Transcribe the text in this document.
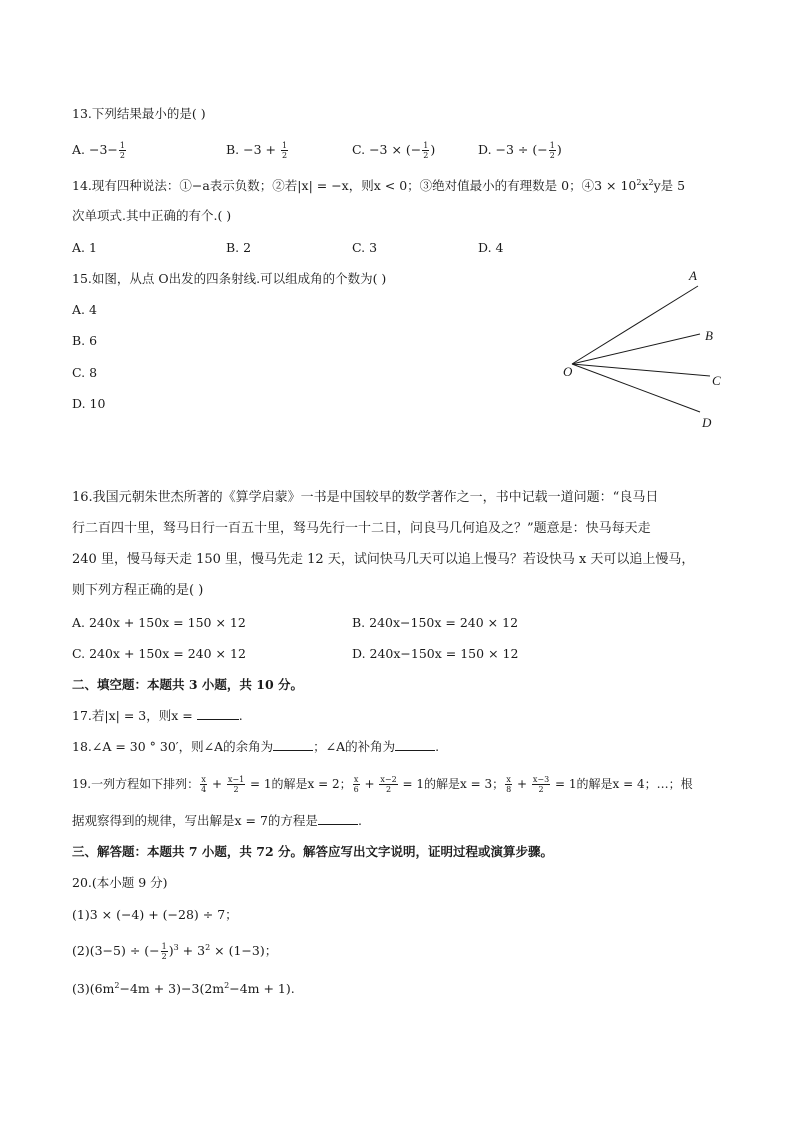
13.下列结果最小的是( )
A. $-3- \frac{1}{2}$	B. $-3 + \frac{1}{2}$	C. −3 × (− $\frac{1}{2}$ )	D. −3 ÷ (− $\frac{1}{2}$ )
14.现有四种说法：①−a表示负数；②若|x| = −x，则x < 0；③绝对值最小的有理数是 0；④3 × $10^2x^2y$是 5
次单项式.其中正确的有个.( )
A. 1	B. 2	C. 3	D. 4
15.如图，从点 O出发的四条射线.可以组成角的个数为( )
A. 4
B. 6
C. 8
D. 10
O
A
B
C
D
16.我国元朝朱世杰所著的《算学启蒙》一书是中国较早的数学著作之一，书中记载一道问题：“良马日
行二百四十里，驽马日行一百五十里，驽马先行一十二日，问良马几何追及之？”题意是：快马每天走
240 里，慢马每天走 150 里，慢马先走 12 天，试问快马几天可以追上慢马？若设快马 x 天可以追上慢马，
则下列方程正确的是( )
A. 240x + 150x = 150 × 12	B. 240x−150x = 240 × 12
C. 240x + 150x = 240 × 12	D. 240x−150x = 150 × 12
二、填空题：本题共 3 小题，共 10 分。
17.若|x| = 3，则x =	.
18.∠A = 30 ° 30′，则∠A的余角为	；∠A的补角为	.
19.一列方程如下排列： $\frac{x}{4} + \frac{x-1}{2} = 1$的解是x = 2； $\frac{x}{6} + \frac{x-2}{2} = 1$的解是x = 3； $\frac{x}{8} + \frac{x-3}{2} = 1$的解是x = 4；…；根
据观察得到的规律，写出解是x = 7的方程是	.
三、解答题：本题共 7 小题，共 72 分。解答应写出文字说明，证明过程或演算步骤。
20.(本小题 9 分)
(1)3 × (−4) + (−28) ÷ 7；
(2)(3−5) ÷ (− $\frac{1}{2} )^3 + 3^2 \times (1-3)$；
$(3)(6m^2-4m + 3)-3(2m^2-4m + 1)$.
